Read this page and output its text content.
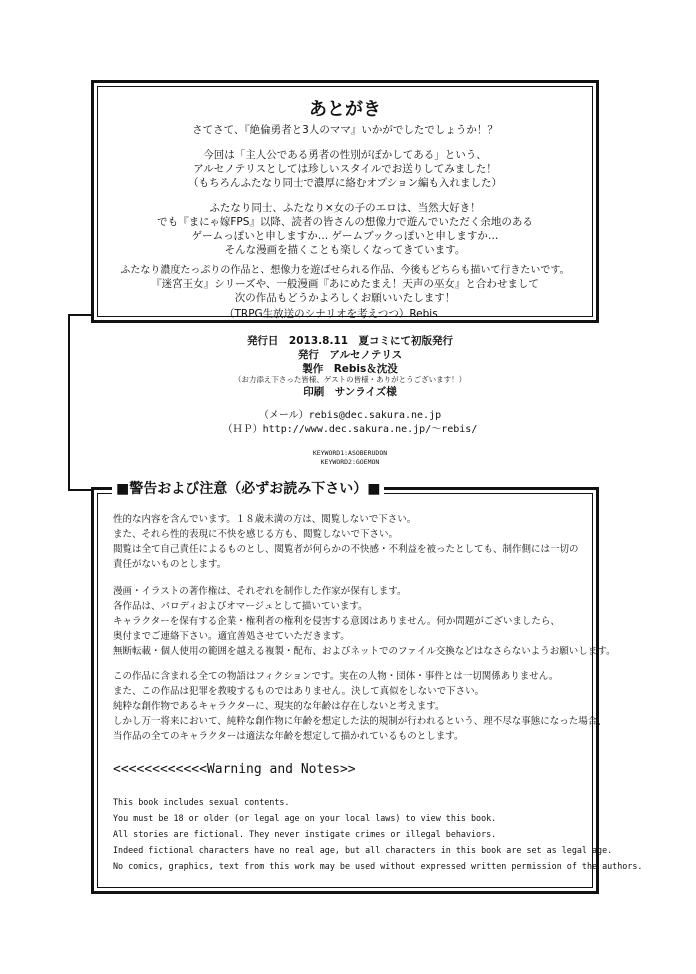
あとがき
さてさて、『絶倫勇者と3人のママ』いかがでしたでしょうか！？
今回は「主人公である勇者の性別がぼかしてある」という、
アルセノテリスとしては珍しいスタイルでお送りしてみました！
（もちろんふたなり同士で濃厚に絡むオプション編も入れました）
ふたなり同士、ふたなり×女の子のエロは、当然大好き！
でも『まにゃ嫁FPS』以降、読者の皆さんの想像力で遊んでいただく余地のある
ゲームっぽいと申しますか… ゲームブックっぽいと申しますか…
そんな漫画を描くことも楽しくなってきています。
ふたなり濃度たっぷりの作品と、想像力を遊ばせられる作品、今後もどちらも描いて行きたいです。
『迷宮王女』シリーズや、一般漫画『あにめたまえ！天声の巫女』と合わせまして
次の作品もどうかよろしくお願いいたします！
（TRPG生放送のシナリオを考えつつ）Rebis
発行日　2013.8.11　夏コミにて初版発行
発行　アルセノテリス
製作　Rebis＆沈没
（お力添え下さった皆様、ゲストの皆様・ありがとうございます！）
印刷　サンライズ様
（メール）rebis@dec.sakura.ne.jp
（ＨＰ）http://www.dec.sakura.ne.jp/～rebis/
KEYWORD1:ASOBERUDON
KEYWORD2:GOEMON
■警告および注意（必ずお読み下さい）■
性的な内容を含んでいます。１８歳未満の方は、閲覧しないで下さい。
また、それら性的表現に不快を感じる方も、閲覧しないで下さい。
閲覧は全て自己責任によるものとし、閲覧者が何らかの不快感・不利益を被ったとしても、制作側には一切の
責任がないものとします。
漫画・イラストの著作権は、それぞれを制作した作家が保有します。
各作品は、パロディおよびオマージュとして描いています。
キャラクターを保有する企業・権利者の権利を侵害する意図はありません。何か問題がございましたら、
奥付までご連絡下さい。適宜善処させていただきます。
無断転載・個人使用の範囲を越える複製・配布、およびネットでのファイル交換などはなさらないようお願いします。
この作品に含まれる全ての物語はフィクションです。実在の人物・団体・事件とは一切関係ありません。
また、この作品は犯罪を教唆するものではありません。決して真似をしないで下さい。
純粋な創作物であるキャラクターに、現実的な年齢は存在しないと考えます。
しかし万一将来において、純粋な創作物に年齢を想定した法的規制が行われるという、理不尽な事態になった場合、
当作品の全てのキャラクターは適法な年齢を想定して描かれているものとします。
<<<<<<<<<<<<Warning and Notes>>
This book includes sexual contents.
You must be 18 or older (or legal age on your local laws) to view this book.
All stories are fictional. They never instigate crimes or illegal behaviors.
Indeed fictional characters have no real age, but all characters in this book are set as legal age.
No comics, graphics, text from this work may be used without expressed written permission of the authors.
